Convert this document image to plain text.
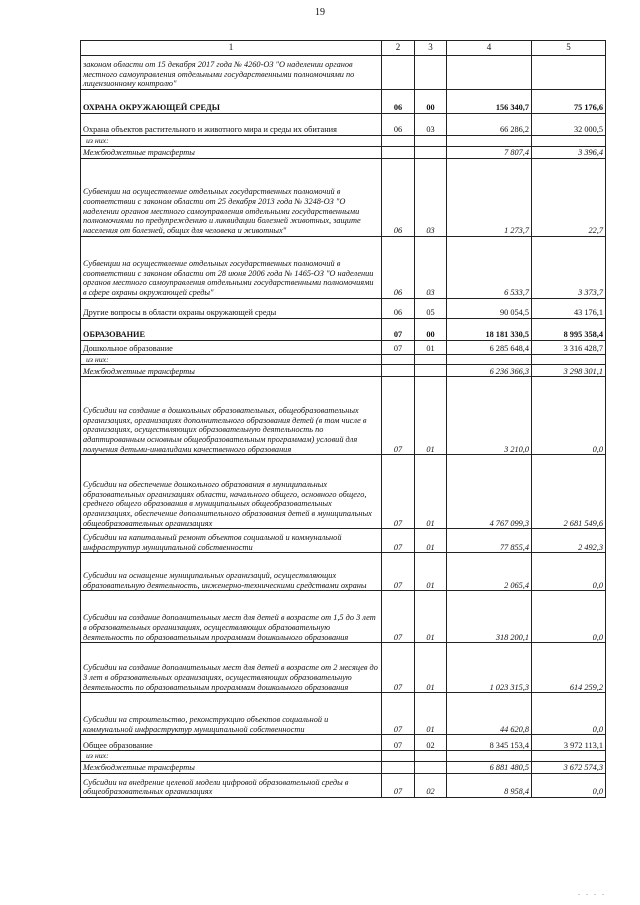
19
1	2	3	4	5
законом области от 15 декабря 2017 года № 4260-ОЗ "О наделении органов местного самоуправления отдельными государственными полномочиями по лицензионному контролю"				
ОХРАНА ОКРУЖАЮЩЕЙ СРЕДЫ	06	00	156 340,7	75 176,6
Охрана объектов растительного и животного мира и среды их обитания	06	03	66 286,2	32 000,5
из них:				
Межбюджетные трансферты			7 807,4	3 396,4
Субвенции на осуществление отдельных государственных полномочий в соответствии с законом области от 25 декабря 2013 года № 3248-ОЗ "О наделении органов местного самоуправления отдельными государственными полномочиями по предупреждению и ликвидации болезней животных, защите населения от болезней, общих для человека и животных"	06	03	1 273,7	22,7
Субвенции на осуществление отдельных государственных полномочий в соответствии с законом области от 28 июня 2006 года № 1465-ОЗ "О наделении органов местного самоуправления отдельными государственными полномочиями в сфере охраны окружающей среды"	06	03	6 533,7	3 373,7
Другие вопросы в области охраны окружающей среды	06	05	90 054,5	43 176,1
ОБРАЗОВАНИЕ	07	00	18 181 330,5	8 995 358,4
Дошкольное образование	07	01	6 285 648,4	3 316 428,7
из них:				
Межбюджетные трансферты			6 236 366,3	3 298 301,1
Субсидии на создание в дошкольных образовательных, общеобразовательных организациях, организациях дополнительного образования детей (в том числе в организациях, осуществляющих образовательную деятельность по адаптированным основным общеобразовательным программам) условий для получения детьми-инвалидами качественного образования	07	01	3 210,0	0,0
Субсидии на обеспечение дошкольного образования в муниципальных образовательных организациях области, начального общего, основного общего, среднего общего образования в муниципальных общеобразовательных организациях, обеспечение дополнительного образования детей в муниципальных общеобразовательных организациях	07	01	4 767 099,3	2 681 549,6
Субсидии на капитальный ремонт объектов социальной и коммунальной инфраструктур муниципальной собственности	07	01	77 855,4	2 492,3
Субсидии на оснащение муниципальных организаций, осуществляющих образовательную деятельность, инженерно-техническими средствами охраны	07	01	2 065,4	0,0
Субсидии на создание дополнительных мест для детей в возрасте от 1,5 до 3 лет в образовательных организациях, осуществляющих образовательную деятельность по образовательным программам дошкольного образования	07	01	318 200,1	0,0
Субсидии на создание дополнительных мест для детей в возрасте от 2 месяцев до 3 лет в образовательных организациях, осуществляющих образовательную деятельность по образовательным программам дошкольного образования	07	01	1 023 315,3	614 259,2
Субсидии на строительство, реконструкцию объектов социальной и коммунальной инфраструктур муниципальной собственности	07	01	44 620,8	0,0
Общее образование	07	02	8 345 153,4	3 972 113,1
из них:				
Межбюджетные трансферты			6 881 480,5	3 672 574,3
Субсидии на внедрение целевой модели цифровой образовательной среды в общеобразовательных организациях	07	02	8 958,4	0,0
. . . .
